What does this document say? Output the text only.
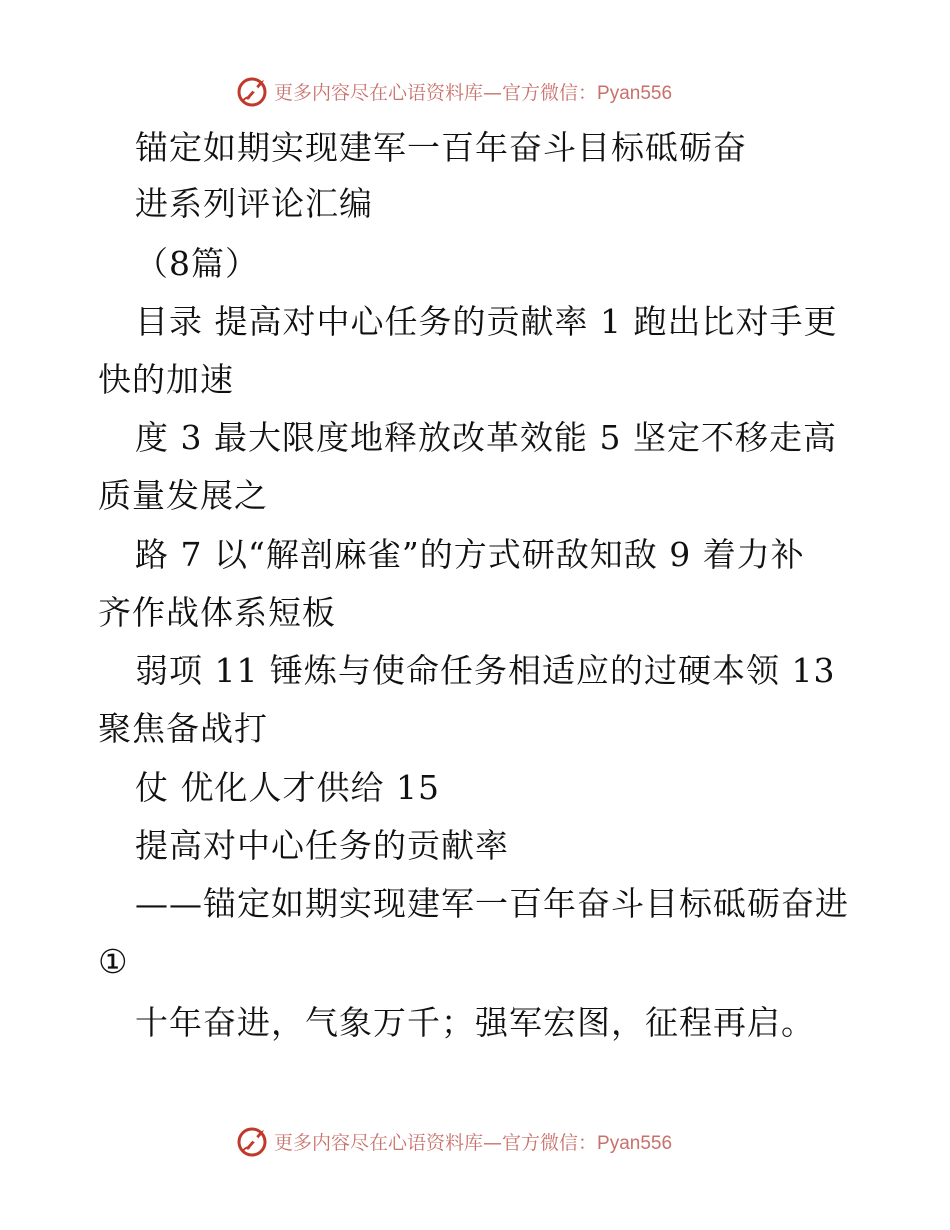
更多内容尽在心语资料库—官方微信：Pyan556
锚定如期实现建军一百年奋斗目标砥砺奋
进系列评论汇编
（8篇）
目录 提高对中心任务的贡献率 1 跑出比对手更
快的加速
度 3 最大限度地释放改革效能 5 坚定不移走高
质量发展之
路 7 以“解剖麻雀”的方式研敌知敌 9 着力补
齐作战体系短板
弱项 11 锤炼与使命任务相适应的过硬本领 13
聚焦备战打
仗 优化人才供给 15
提高对中心任务的贡献率
——锚定如期实现建军一百年奋斗目标砥砺奋进
①
十年奋进，气象万千；强军宏图，征程再启。
更多内容尽在心语资料库—官方微信：Pyan556
